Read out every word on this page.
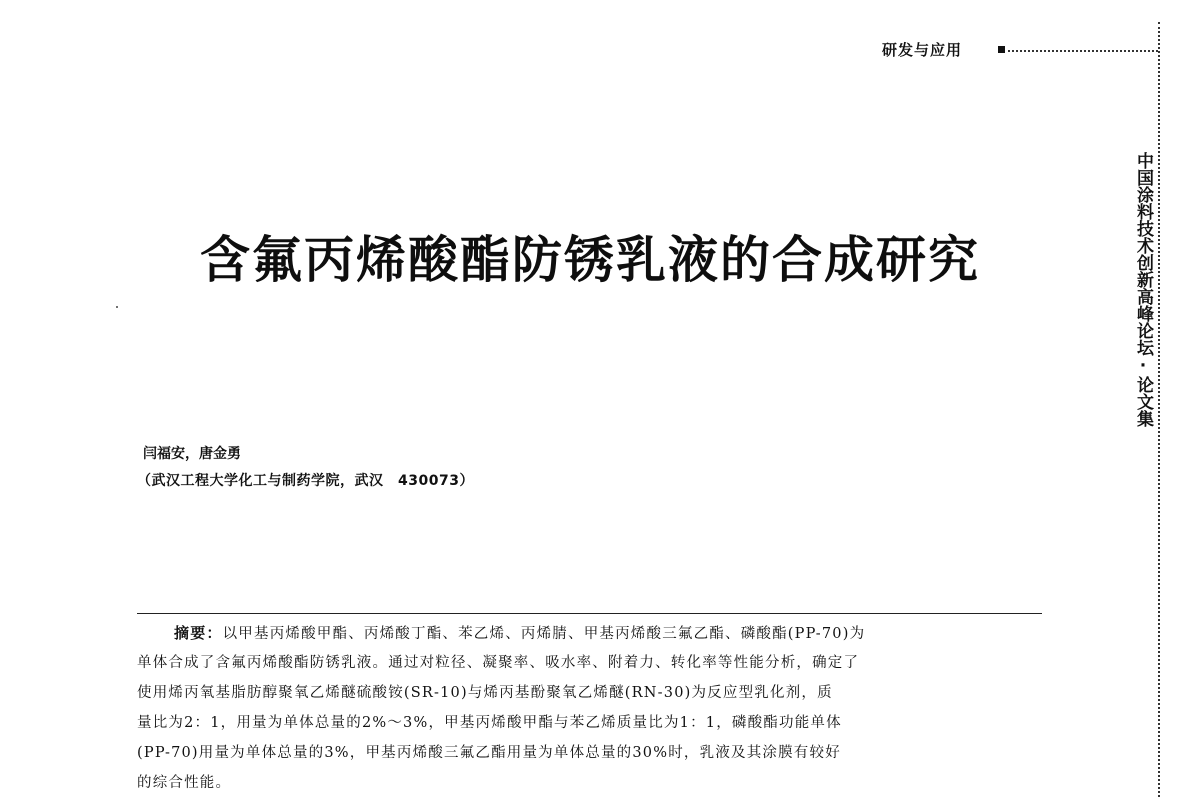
研发与应用
中国涂料技术创新高峰论坛·论文集
含氟丙烯酸酯防锈乳液的合成研究
闫福安，唐金勇
（武汉工程大学化工与制药学院，武汉　430073）
摘要：以甲基丙烯酸甲酯、丙烯酸丁酯、苯乙烯、丙烯腈、甲基丙烯酸三氟乙酯、磷酸酯(PP-70)为
单体合成了含氟丙烯酸酯防锈乳液。通过对粒径、凝聚率、吸水率、附着力、转化率等性能分析，确定了
使用烯丙氧基脂肪醇聚氧乙烯醚硫酸铵(SR-10)与烯丙基酚聚氧乙烯醚(RN-30)为反应型乳化剂，质
量比为2：1，用量为单体总量的2%～3%，甲基丙烯酸甲酯与苯乙烯质量比为1：1，磷酸酯功能单体
(PP-70)用量为单体总量的3%，甲基丙烯酸三氟乙酯用量为单体总量的30%时，乳液及其涂膜有较好
的综合性能。
